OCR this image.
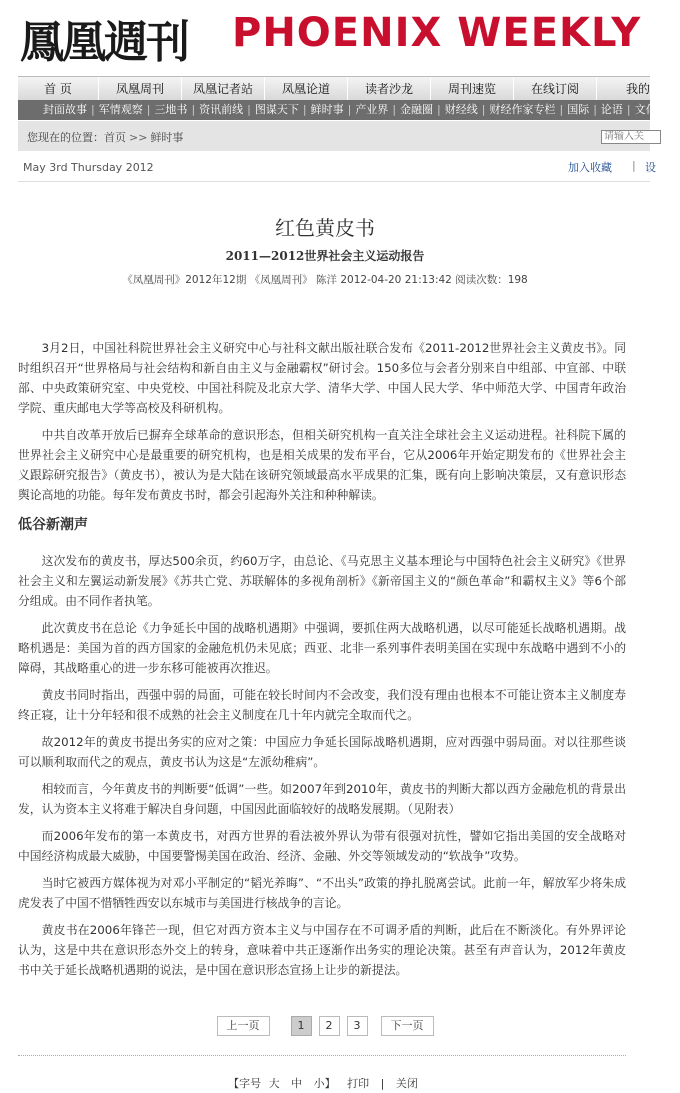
鳳凰週刊 PHOENIX WEEKLY
首 页	凤凰周刊	凤凰记者站	凤凰论道	读者沙龙	周刊速览	在线订阅	我的
封面故事 | 军情观察 | 三地书 | 资讯前线 | 图谋天下 | 鲜时事 | 产业界 | 金融圈 | 财经线 | 财经作家专栏 | 国际 | 论语 | 文化
您现在的位置：首页 >> 鲜时事
请输入关
May 3rd Thursday 2012	加入收藏 | 设
红色黄皮书
2011—2012世界社会主义运动报告
《凤凰周刊》2012年12期 《凤凰周刊》 陈洋 2012-04-20 21:13:42 阅读次数：198

3月2日，中国社科院世界社会主义研究中心与社科文献出版社联合发布《2011-2012世界社会主义黄皮书》。同时组织召开“世界格局与社会结构和新自由主义与金融霸权”研讨会。150多位与会者分别来自中组部、中宣部、中联部、中央政策研究室、中央党校、中国社科院及北京大学、清华大学、中国人民大学、华中师范大学、中国青年政治学院、重庆邮电大学等高校及科研机构。

中共自改革开放后已摒弃全球革命的意识形态，但相关研究机构一直关注全球社会主义运动进程。社科院下属的世界社会主义研究中心是最重要的研究机构，也是相关成果的发布平台，它从2006年开始定期发布的《世界社会主义跟踪研究报告》（黄皮书），被认为是大陆在该研究领域最高水平成果的汇集，既有向上影响决策层，又有意识形态舆论高地的功能。每年发布黄皮书时，都会引起海外关注和种种解读。

低谷新潮声

这次发布的黄皮书，厚达500余页，约60万字，由总论、《马克思主义基本理论与中国特色社会主义研究》《世界社会主义和左翼运动新发展》《苏共亡党、苏联解体的多视角剖析》《新帝国主义的“颜色革命”和霸权主义》等6个部分组成。由不同作者执笔。

此次黄皮书在总论《力争延长中国的战略机遇期》中强调，要抓住两大战略机遇，以尽可能延长战略机遇期。战略机遇是：美国为首的西方国家的金融危机仍未见底；西亚、北非一系列事件表明美国在实现中东战略中遇到不小的障碍，其战略重心的进一步东移可能被再次推迟。

黄皮书同时指出，西强中弱的局面，可能在较长时间内不会改变，我们没有理由也根本不可能让资本主义制度寿终正寝，让十分年轻和很不成熟的社会主义制度在几十年内就完全取而代之。

故2012年的黄皮书提出务实的应对之策：中国应力争延长国际战略机遇期，应对西强中弱局面。对以往那些谈可以顺利取而代之的观点，黄皮书认为这是“左派幼稚病”。

相较而言，今年黄皮书的判断要“低调”一些。如2007年到2010年，黄皮书的判断大都以西方金融危机的背景出发，认为资本主义将难于解决自身问题，中国因此面临较好的战略发展期。（见附表）

而2006年发布的第一本黄皮书，对西方世界的看法被外界认为带有很强对抗性，譬如它指出美国的安全战略对中国经济构成最大威胁，中国要警惕美国在政治、经济、金融、外交等领域发动的“软战争”攻势。

当时它被西方媒体视为对邓小平制定的“韬光养晦”、“不出头”政策的挣扎脱离尝试。此前一年，解放军少将朱成虎发表了中国不惜牺牲西安以东城市与美国进行核战争的言论。

黄皮书在2006年锋芒一现，但它对西方资本主义与中国存在不可调矛盾的判断，此后在不断淡化。有外界评论认为，这是中共在意识形态外交上的转身，意味着中共正逐渐作出务实的理论决策。甚至有声音认为，2012年黄皮书中关于延长战略机遇期的说法，是中国在意识形态宣扬上让步的新提法。

上一页	1	2	3	下一页
【字号 大 中 小】 打印 | 关闭
